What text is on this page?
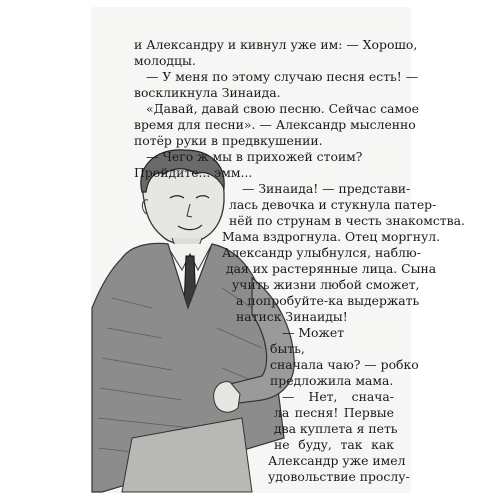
и Александру и кивнул уже им: — Хорошо,
молодцы.
— У меня по этому случаю песня есть! —
воскликнула Зинаида.
«Давай, давай свою песню. Сейчас самое
время для песни». — Александр мысленно
потёр руки в предвкушении.
— Чего ж мы в прихожей стоим?
Пройдите... эмм...
— Зинаида! — представи-
лась девочка и стукнула патер-
нёй по струнам в честь знакомства.
Мама вздрогнула. Отец моргнул.
Александр улыбнулся, наблю-
дая их растерянные лица. Сына
учить жизни любой сможет,
а попробуйте-ка выдержать
натиск Зинаиды!
— Может
быть,
сначала чаю? — робко
предложила мама.
— Нет, снача-
ла песня! Первые
два куплета я петь
не буду, так как
Александр уже имел
удовольствие прослу-
